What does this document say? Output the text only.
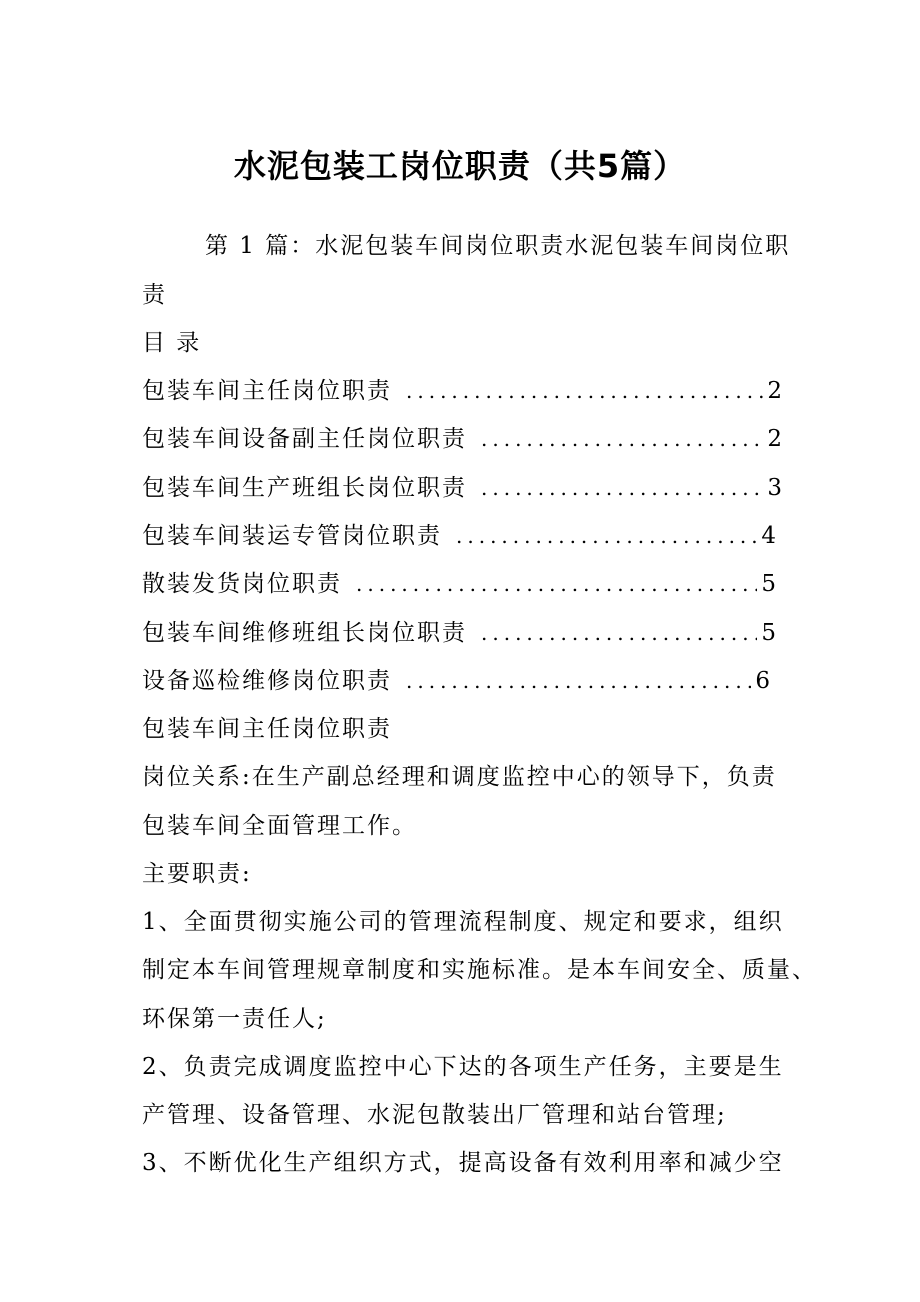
水泥包装工岗位职责（共5篇）
第 1 篇：水泥包装车间岗位职责水泥包装车间岗位职
责
目 录
包装车间主任岗位职责 .....	2
包装车间设备副主任岗位职责 .....	2
包装车间生产班组长岗位职责 .....	3
包装车间装运专管岗位职责 .....	4
散装发货岗位职责 .....	5
包装车间维修班组长岗位职责 .....	5
设备巡检维修岗位职责 .....	6
包装车间主任岗位职责
岗位关系:在生产副总经理和调度监控中心的领导下，负责
包装车间全面管理工作。
主要职责:
1、全面贯彻实施公司的管理流程制度、规定和要求，组织
制定本车间管理规章制度和实施标准。是本车间安全、质量、
环保第一责任人;
2、负责完成调度监控中心下达的各项生产任务，主要是生
产管理、设备管理、水泥包散装出厂管理和站台管理;
3、不断优化生产组织方式，提高设备有效利用率和减少空
